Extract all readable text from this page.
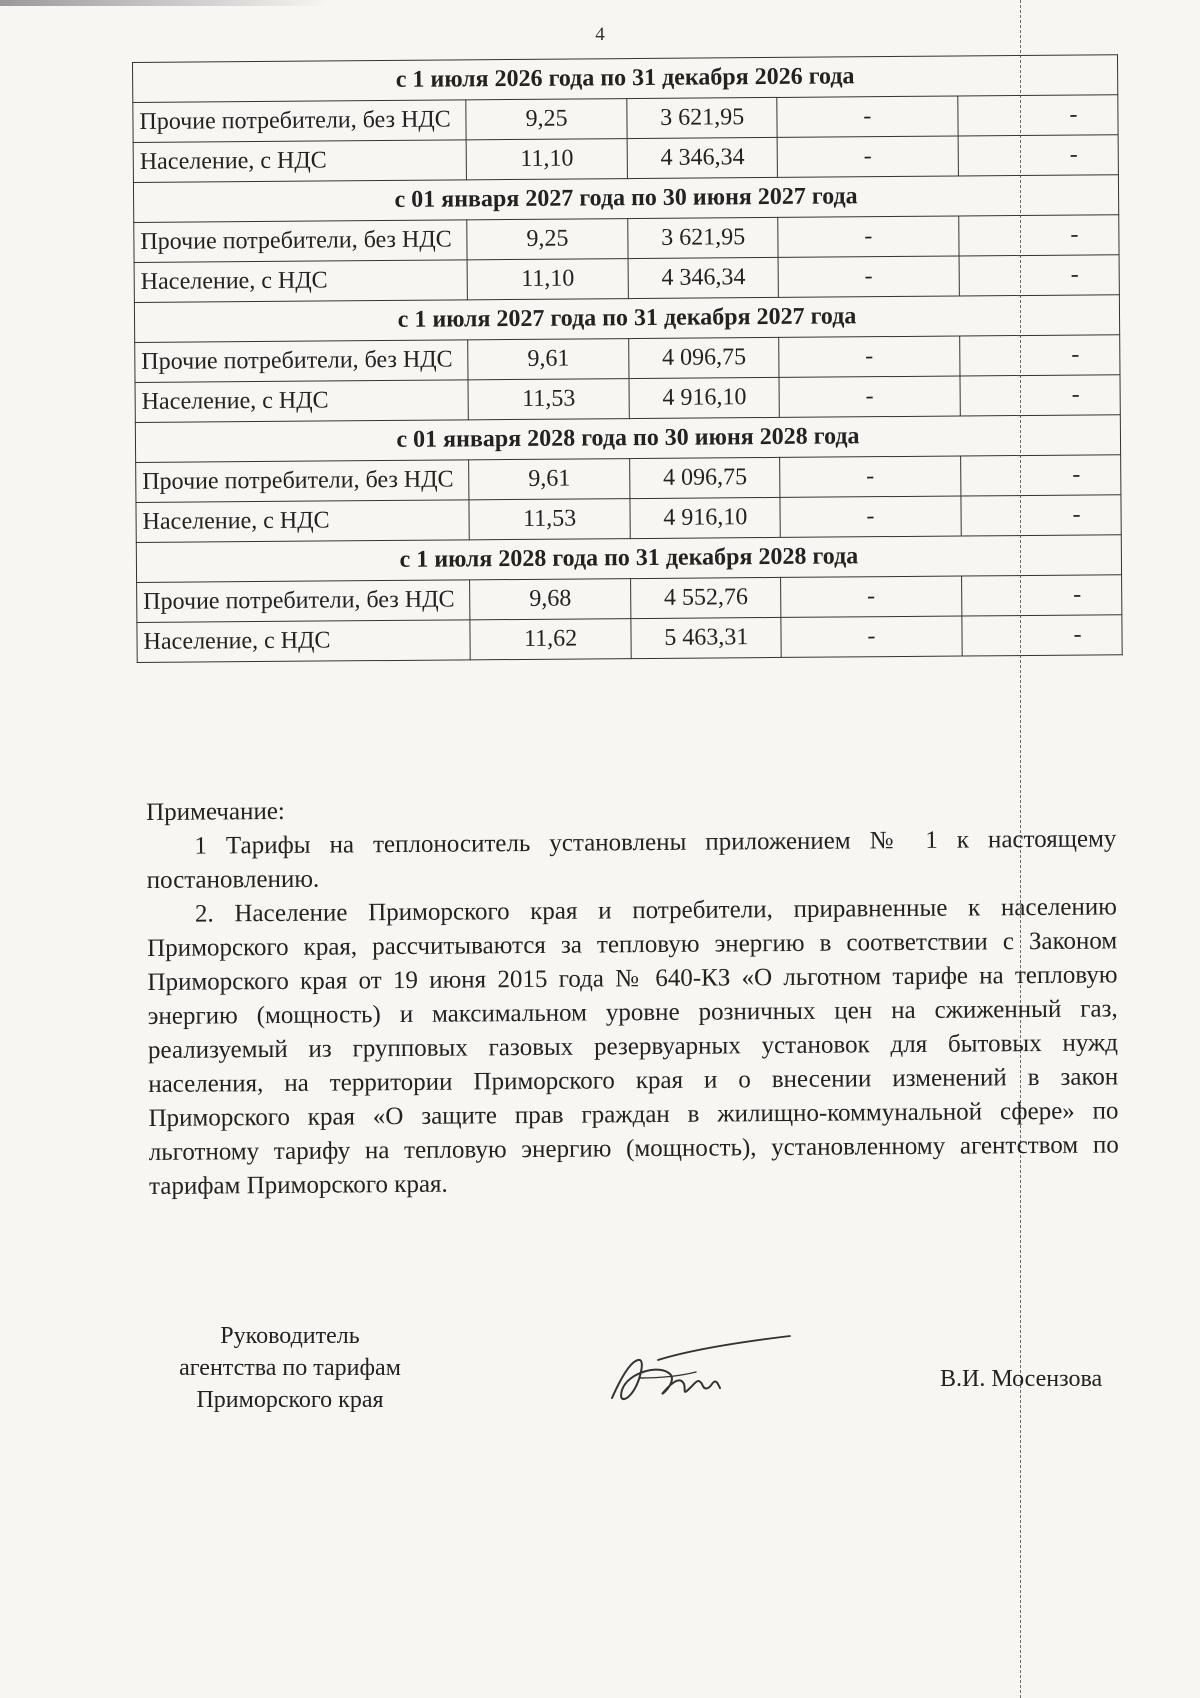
4
с 1 июля 2026 года по 31 декабря 2026 года				
Прочие потребители, без НДС	9,25	3 621,95	-	-
Население, с НДС	11,10	4 346,34	-	-
с 01 января 2027 года по 30 июня 2027 года				
Прочие потребители, без НДС	9,25	3 621,95	-	-
Население, с НДС	11,10	4 346,34	-	-
с 1 июля 2027 года по 31 декабря 2027 года				
Прочие потребители, без НДС	9,61	4 096,75	-	-
Население, с НДС	11,53	4 916,10	-	-
с 01 января 2028 года по 30 июня 2028 года				
Прочие потребители, без НДС	9,61	4 096,75	-	-
Население, с НДС	11,53	4 916,10	-	-
с 1 июля 2028 года по 31 декабря 2028 года				
Прочие потребители, без НДС	9,68	4 552,76	-	-
Население, с НДС	11,62	5 463,31	-	-

Примечание:

1 Тарифы на теплоноситель установлены приложением № 1 к настоящему постановлению.

2. Население Приморского края и потребители, приравненные к населению Приморского края, рассчитываются за тепловую энергию в соответствии с Законом Приморского края от 19 июня 2015 года № 640-КЗ «О льготном тарифе на тепловую энергию (мощность) и максимальном уровне розничных цен на сжиженный газ, реализуемый из групповых газовых резервуарных установок для бытовых нужд населения, на территории Приморского края и о внесении изменений в закон Приморского края «О защите прав граждан в жилищно-коммунальной сфере» по льготному тарифу на тепловую энергию (мощность), установленному агентством по тарифам Приморского края.

Руководитель
агентства по тарифам
Приморского края
В.И. Мосензова
